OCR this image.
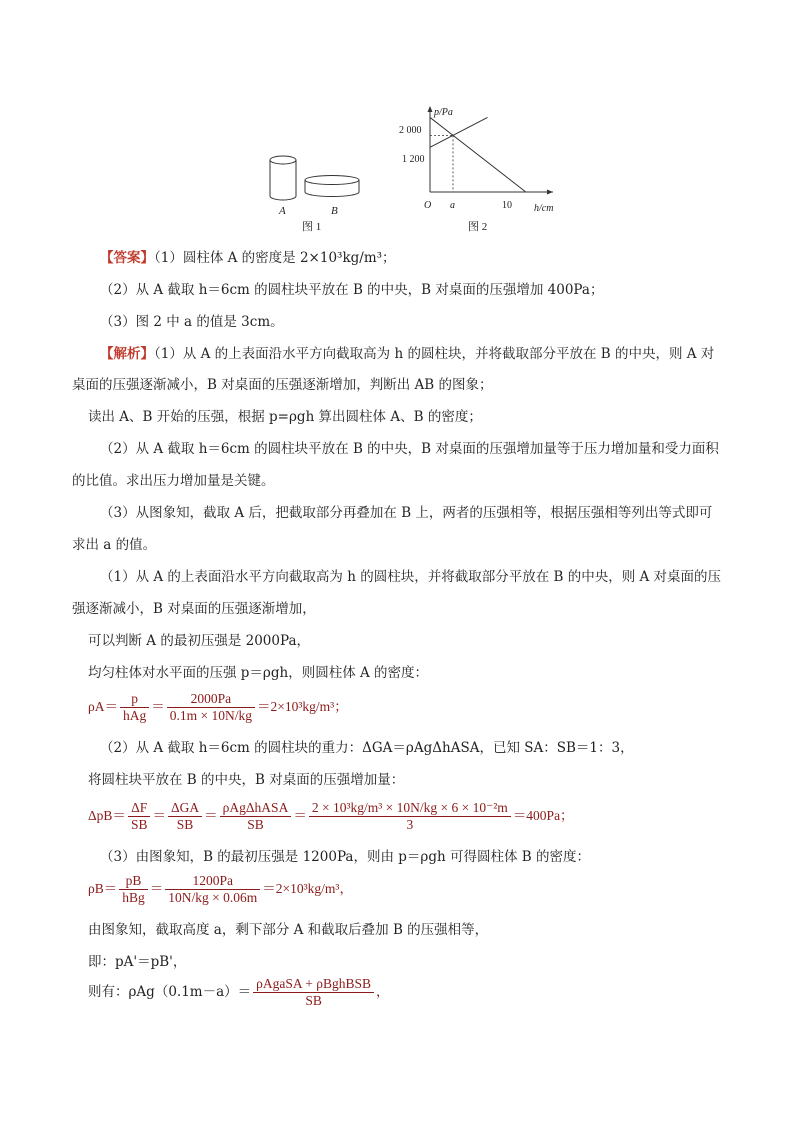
A	B
图 1
p/Pa
h/cm
O a	10
2 000
1 200
图 2
【答案】（1）圆柱体 A 的密度是 2×10³kg/m³；
（2）从 A 截取 h＝6cm 的圆柱块平放在 B 的中央，B 对桌面的压强增加 400Pa；
（3）图 2 中 a 的值是 3cm。
【解析】（1）从 A 的上表面沿水平方向截取高为 h 的圆柱块，并将截取部分平放在 B 的中央，则 A 对
桌面的压强逐渐减小，B 对桌面的压强逐渐增加，判断出 AB 的图象；
读出 A、B 开始的压强，根据 p=ρgh 算出圆柱体 A、B 的密度；
（2）从 A 截取 h＝6cm 的圆柱块平放在 B 的中央，B 对桌面的压强增加量等于压力增加量和受力面积
的比值。求出压力增加量是关键。
（3）从图象知，截取 A 后，把截取部分再叠加在 B 上，两者的压强相等，根据压强相等列出等式即可
求出 a 的值。
（1）从 A 的上表面沿水平方向截取高为 h 的圆柱块，并将截取部分平放在 B 的中央，则 A 对桌面的压
强逐渐减小，B 对桌面的压强逐渐增加，
可以判断 A 的最初压强是 2000Pa，
均匀柱体对水平面的压强 p＝ρgh，则圆柱体 A 的密度：
$\rho A= \frac{p}{\text{hAg}} = \frac{2000Pa}{0.1m \times 10N/kg} =2\times 10^3kg/m^3$；
（2）从 A 截取 h＝6cm 的圆柱块的重力：ΔGA＝ρAgΔhASA，已知 SA：SB＝1：3，
将圆柱块平放在 B 的中央，B 对桌面的压强增加量：
$\Delta pB= \frac{\Delta F}{SB} = \frac{\text{ΔGA}}{SB} = \frac{\text{ρAgΔhASA}}{SB} = \frac{\text{2 × 10³kg/m³ × 10N/kg × 6 × 10⁻²m}}{3} =400Pa$；
（3）由图象知，B 的最初压强是 1200Pa，则由 p＝ρgh 可得圆柱体 B 的密度：
$\rho B= \frac{pB}{\text{hBg}} = \frac{1200Pa}{10N/kg \times 0.06m} =2\times 10^3kg/m^3$，
由图象知，截取高度 a，剩下部分 A 和截取后叠加 B 的压强相等，
即：pA'＝pB'，
则有：$\rho Ag(0.1m-a)= \frac{\text{ρAgaSA + ρBghBSB}}{SB}$ ，
